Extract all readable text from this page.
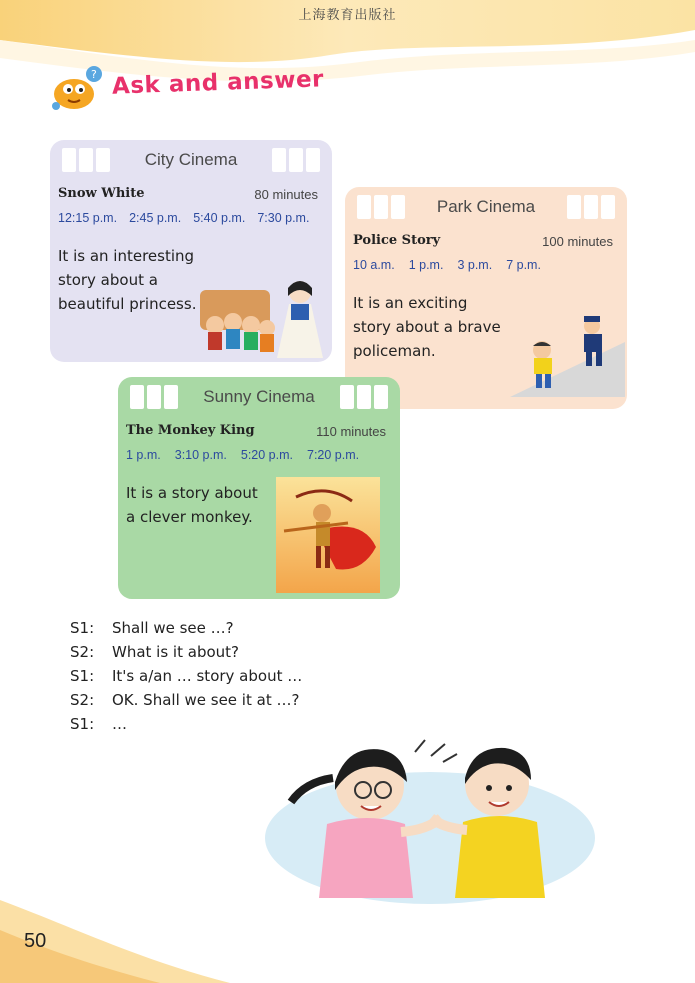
上海教育出版社
? Ask and answer
City Cinema
Snow White	80 minutes
12:15 p.m. 2:45 p.m. 5:40 p.m. 7:30 p.m.
It is an interesting story about a beautiful princess.
Park Cinema
Police Story	100 minutes
10 a.m. 1 p.m. 3 p.m. 7 p.m.
It is an exciting story about a brave policeman.
Sunny Cinema
The Monkey King	110 minutes
1 p.m. 3:10 p.m. 5:20 p.m. 7:20 p.m.
It is a story about a clever monkey.
S1:	Shall we see …?
S2:	What is it about?
S1:	It's a/an … story about …
S2:	OK. Shall we see it at …?
S1:	…
50
